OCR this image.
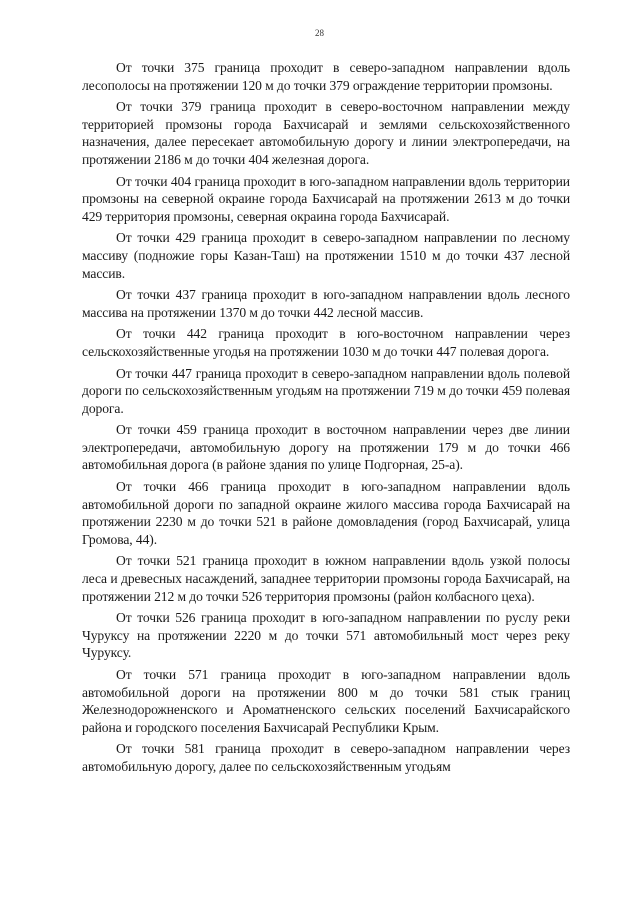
28

От точки 375 граница проходит в северо-западном направлении вдоль лесополосы на протяжении 120 м до точки 379 ограждение территории промзоны.

От точки 379 граница проходит в северо-восточном направлении между территорией промзоны города Бахчисарай и землями сельскохозяйственного назначения, далее пересекает автомобильную дорогу и линии электропередачи, на протяжении 2186 м до точки 404 железная дорога.

От точки 404 граница проходит в юго-западном направлении вдоль территории промзоны на северной окраине города Бахчисарай на протяжении 2613 м до точки 429 территория промзоны, северная окраина города Бахчисарай.

От точки 429 граница проходит в северо-западном направлении по лесному массиву (подножие горы Казан-Таш) на протяжении 1510 м до точки 437 лесной массив.

От точки 437 граница проходит в юго-западном направлении вдоль лесного массива на протяжении 1370 м до точки 442 лесной массив.

От точки 442 граница проходит в юго-восточном направлении через сельскохозяйственные угодья на протяжении 1030 м до точки 447 полевая дорога.

От точки 447 граница проходит в северо-западном направлении вдоль полевой дороги по сельскохозяйственным угодьям на протяжении 719 м до точки 459 полевая дорога.

От точки 459 граница проходит в восточном направлении через две линии электропередачи, автомобильную дорогу на протяжении 179 м до точки 466 автомобильная дорога (в районе здания по улице Подгорная, 25-а).

От точки 466 граница проходит в юго-западном направлении вдоль автомобильной дороги по западной окраине жилого массива города Бахчисарай на протяжении 2230 м до точки 521 в районе домовладения (город Бахчисарай, улица Громова, 44).

От точки 521 граница проходит в южном направлении вдоль узкой полосы леса и древесных насаждений, западнее территории промзоны города Бахчисарай, на протяжении 212 м до точки 526 территория промзоны (район колбасного цеха).

От точки 526 граница проходит в юго-западном направлении по руслу реки Чуруксу на протяжении 2220 м до точки 571 автомобильный мост через реку Чуруксу.

От точки 571 граница проходит в юго-западном направлении вдоль автомобильной дороги на протяжении 800 м до точки 581 стык границ Железнодорожненского и Ароматненского сельских поселений Бахчисарайского района и городского поселения Бахчисарай Республики Крым.

От точки 581 граница проходит в северо-западном направлении через автомобильную дорогу, далее по сельскохозяйственным угодьям
